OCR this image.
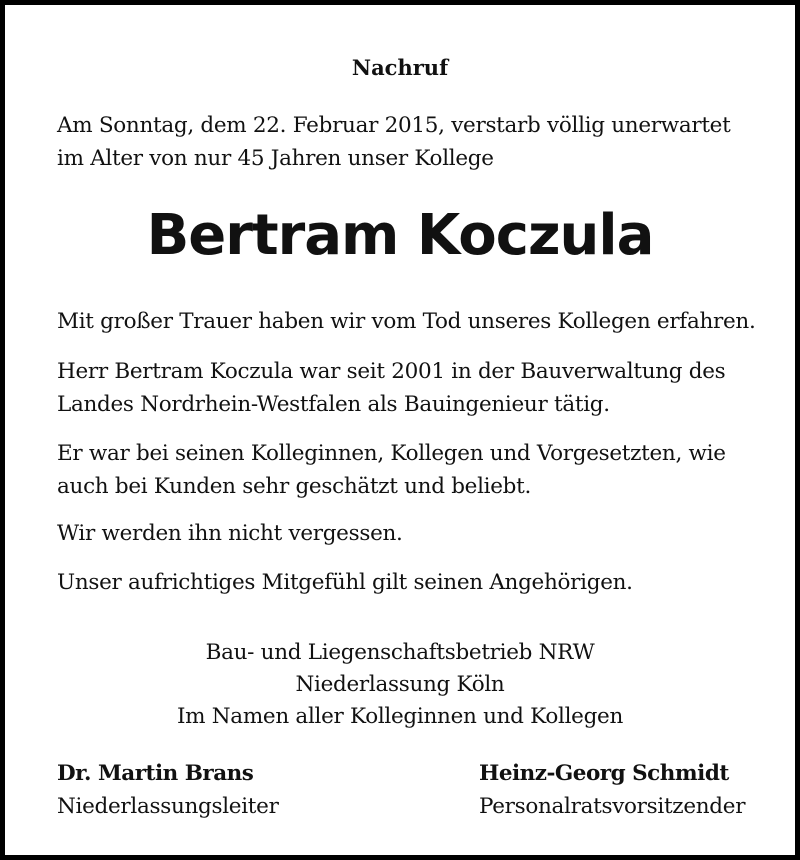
Nachruf
Am Sonntag, dem 22. Februar 2015, verstarb völlig unerwartet
im Alter von nur 45 Jahren unser Kollege
Bertram Koczula
Mit großer Trauer haben wir vom Tod unseres Kollegen erfahren.
Herr Bertram Koczula war seit 2001 in der Bauverwaltung des
Landes Nordrhein-Westfalen als Bauingenieur tätig.
Er war bei seinen Kolleginnen, Kollegen und Vorgesetzten, wie
auch bei Kunden sehr geschätzt und beliebt.
Wir werden ihn nicht vergessen.
Unser aufrichtiges Mitgefühl gilt seinen Angehörigen.
Bau- und Liegenschaftsbetrieb NRW
Niederlassung Köln
Im Namen aller Kolleginnen und Kollegen
Dr. Martin Brans
Niederlassungsleiter
Heinz-Georg Schmidt
Personalratsvorsitzender
